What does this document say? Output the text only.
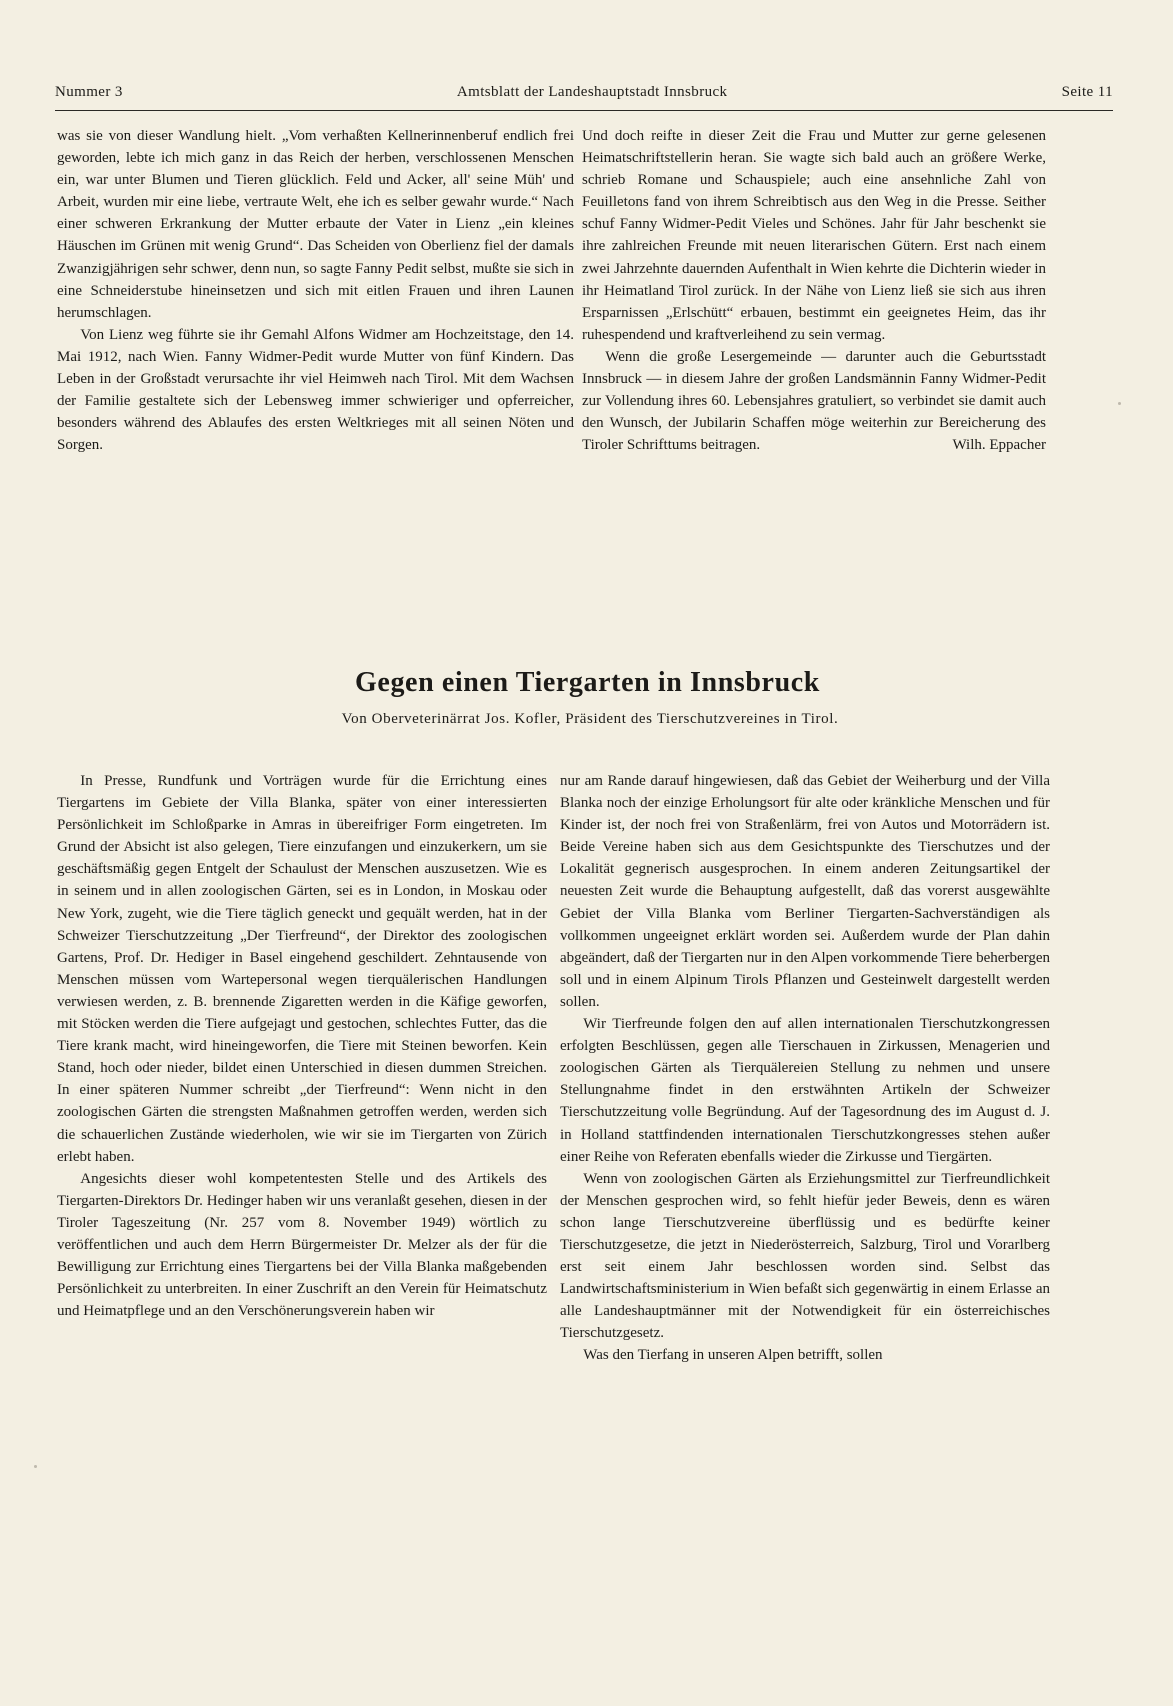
Nummer 3	Amtsblatt der Landeshauptstadt Innsbruck	Seite 11

was sie von dieser Wandlung hielt. „Vom verhaßten Kellnerinnenberuf endlich frei geworden, lebte ich mich ganz in das Reich der herben, verschlossenen Menschen ein, war unter Blumen und Tieren glücklich. Feld und Acker, all' seine Müh' und Arbeit, wurden mir eine liebe, vertraute Welt, ehe ich es selber gewahr wurde.“ Nach einer schweren Erkrankung der Mutter erbaute der Vater in Lienz „ein kleines Häuschen im Grünen mit wenig Grund“. Das Scheiden von Oberlienz fiel der damals Zwanzigjährigen sehr schwer, denn nun, so sagte Fanny Pedit selbst, mußte sie sich in eine Schneiderstube hineinsetzen und sich mit eitlen Frauen und ihren Launen herumschlagen.

Von Lienz weg führte sie ihr Gemahl Alfons Widmer am Hochzeitstage, den 14. Mai 1912, nach Wien. Fanny Widmer-Pedit wurde Mutter von fünf Kindern. Das Leben in der Großstadt verursachte ihr viel Heimweh nach Tirol. Mit dem Wachsen der Familie gestaltete sich der Lebensweg immer schwieriger und opferreicher, besonders während des Ablaufes des ersten Weltkrieges mit all seinen Nöten und Sorgen.

Und doch reifte in dieser Zeit die Frau und Mutter zur gerne gelesenen Heimatschriftstellerin heran. Sie wagte sich bald auch an größere Werke, schrieb Romane und Schauspiele; auch eine ansehnliche Zahl von Feuilletons fand von ihrem Schreibtisch aus den Weg in die Presse. Seither schuf Fanny Widmer-Pedit Vieles und Schönes. Jahr für Jahr beschenkt sie ihre zahlreichen Freunde mit neuen literarischen Gütern. Erst nach einem zwei Jahrzehnte dauernden Aufenthalt in Wien kehrte die Dichterin wieder in ihr Heimatland Tirol zurück. In der Nähe von Lienz ließ sie sich aus ihren Ersparnissen „Erlschütt“ erbauen, bestimmt ein geeignetes Heim, das ihr ruhespendend und kraftverleihend zu sein vermag.

Wenn die große Lesergemeinde — darunter auch die Geburtsstadt Innsbruck — in diesem Jahre der großen Landsmännin Fanny Widmer-Pedit zur Vollendung ihres 60. Lebensjahres gratuliert, so verbindet sie damit auch den Wunsch, der Jubilarin Schaffen möge weiterhin zur Bereicherung des Tiroler Schrifttums beitragen.	Wilh. Eppacher

Gegen einen Tiergarten in Innsbruck
Von Oberveterinärrat Jos. Kofler, Präsident des Tierschutzvereines in Tirol.

In Presse, Rundfunk und Vorträgen wurde für die Errichtung eines Tiergartens im Gebiete der Villa Blanka, später von einer interessierten Persönlichkeit im Schloßparke in Amras in übereifriger Form eingetreten. Im Grund der Absicht ist also gelegen, Tiere einzufangen und einzukerkern, um sie geschäftsmäßig gegen Entgelt der Schaulust der Menschen auszusetzen. Wie es in seinem und in allen zoologischen Gärten, sei es in London, in Moskau oder New York, zugeht, wie die Tiere täglich geneckt und gequält werden, hat in der Schweizer Tierschutzzeitung „Der Tierfreund“, der Direktor des zoologischen Gartens, Prof. Dr. Hediger in Basel eingehend geschildert. Zehntausende von Menschen müssen vom Wartepersonal wegen tierquälerischen Handlungen verwiesen werden, z. B. brennende Zigaretten werden in die Käfige geworfen, mit Stöcken werden die Tiere aufgejagt und gestochen, schlechtes Futter, das die Tiere krank macht, wird hineingeworfen, die Tiere mit Steinen beworfen. Kein Stand, hoch oder nieder, bildet einen Unterschied in diesen dummen Streichen. In einer späteren Nummer schreibt „der Tierfreund“: Wenn nicht in den zoologischen Gärten die strengsten Maßnahmen getroffen werden, werden sich die schauerlichen Zustände wiederholen, wie wir sie im Tiergarten von Zürich erlebt haben.

Angesichts dieser wohl kompetentesten Stelle und des Artikels des Tiergarten-Direktors Dr. Hedinger haben wir uns veranlaßt gesehen, diesen in der Tiroler Tageszeitung (Nr. 257 vom 8. November 1949) wörtlich zu veröffentlichen und auch dem Herrn Bürgermeister Dr. Melzer als der für die Bewilligung zur Errichtung eines Tiergartens bei der Villa Blanka maßgebenden Persönlichkeit zu unterbreiten. In einer Zuschrift an den Verein für Heimatschutz und Heimatpflege und an den Verschönerungsverein haben wir

nur am Rande darauf hingewiesen, daß das Gebiet der Weiherburg und der Villa Blanka noch der einzige Erholungsort für alte oder kränkliche Menschen und für Kinder ist, der noch frei von Straßenlärm, frei von Autos und Motorrädern ist. Beide Vereine haben sich aus dem Gesichtspunkte des Tierschutzes und der Lokalität gegnerisch ausgesprochen. In einem anderen Zeitungsartikel der neuesten Zeit wurde die Behauptung aufgestellt, daß das vorerst ausgewählte Gebiet der Villa Blanka vom Berliner Tiergarten-Sachverständigen als vollkommen ungeeignet erklärt worden sei. Außerdem wurde der Plan dahin abgeändert, daß der Tiergarten nur in den Alpen vorkommende Tiere beherbergen soll und in einem Alpinum Tirols Pflanzen und Gesteinwelt dargestellt werden sollen.

Wir Tierfreunde folgen den auf allen internationalen Tierschutzkongressen erfolgten Beschlüssen, gegen alle Tierschauen in Zirkussen, Menagerien und zoologischen Gärten als Tierquälereien Stellung zu nehmen und unsere Stellungnahme findet in den erstwähnten Artikeln der Schweizer Tierschutzzeitung volle Begründung. Auf der Tagesordnung des im August d. J. in Holland stattfindenden internationalen Tierschutzkongresses stehen außer einer Reihe von Referaten ebenfalls wieder die Zirkusse und Tiergärten.

Wenn von zoologischen Gärten als Erziehungsmittel zur Tierfreundlichkeit der Menschen gesprochen wird, so fehlt hiefür jeder Beweis, denn es wären schon lange Tierschutzvereine überflüssig und es bedürfte keiner Tierschutzgesetze, die jetzt in Niederösterreich, Salzburg, Tirol und Vorarlberg erst seit einem Jahr beschlossen worden sind. Selbst das Landwirtschaftsministerium in Wien befaßt sich gegenwärtig in einem Erlasse an alle Landeshauptmänner mit der Notwendigkeit für ein österreichisches Tierschutzgesetz.

Was den Tierfang in unseren Alpen betrifft, sollen
